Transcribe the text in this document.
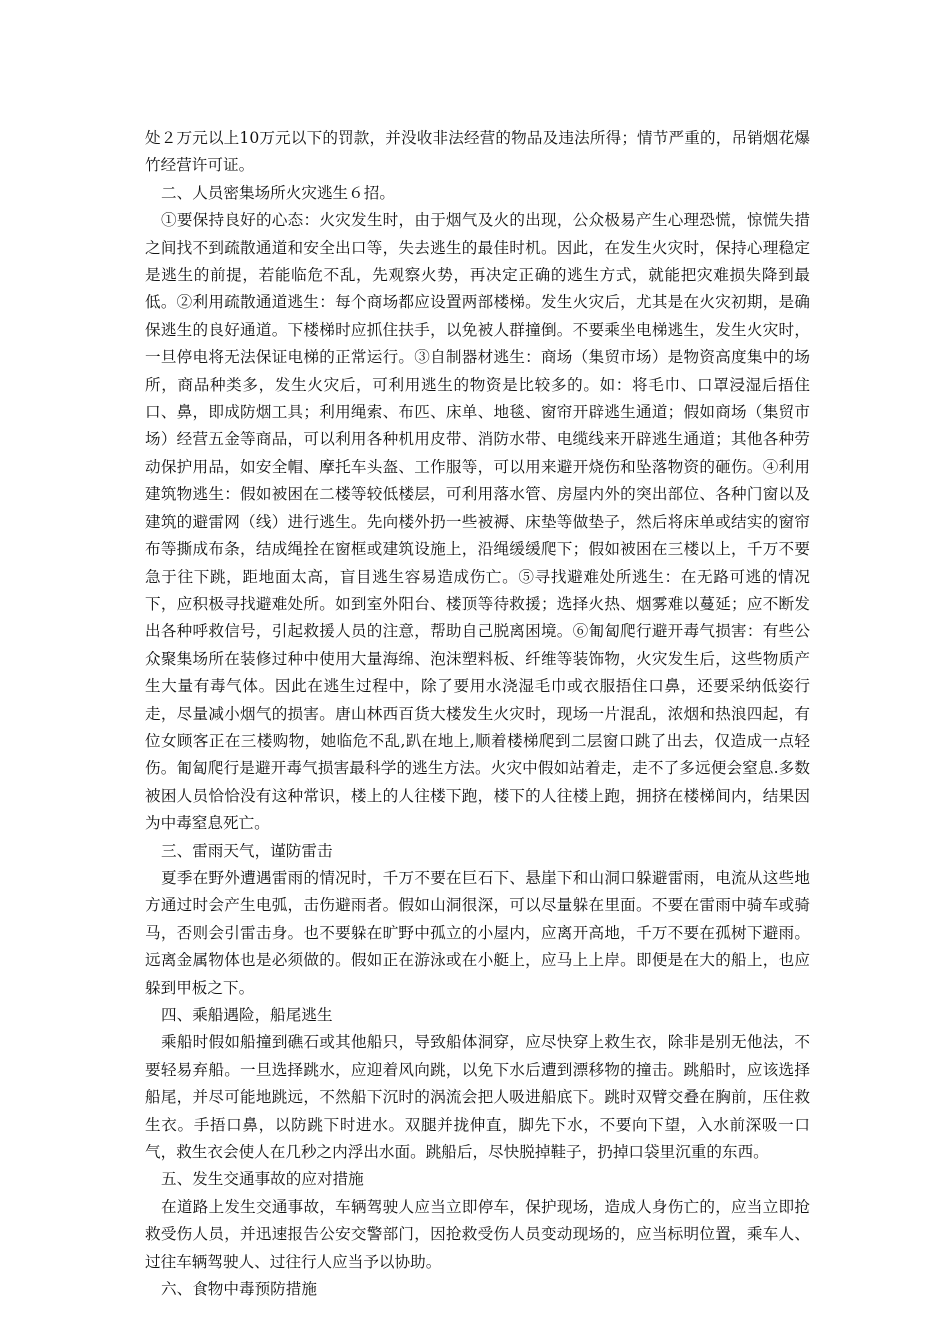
处２万元以上10万元以下的罚款，并没收非法经营的物品及违法所得；情节严重的，吊销烟花爆竹经营许可证。

二、人员密集场所火灾逃生６招。

①要保持良好的心态：火灾发生时，由于烟气及火的出现，公众极易产生心理恐慌，惊慌失措之间找不到疏散通道和安全出口等，失去逃生的最佳时机。因此，在发生火灾时，保持心理稳定是逃生的前提，若能临危不乱，先观察火势，再决定正确的逃生方式，就能把灾难损失降到最低。②利用疏散通道逃生：每个商场都应设置两部楼梯。发生火灾后，尤其是在火灾初期，是确保逃生的良好通道。下楼梯时应抓住扶手，以免被人群撞倒。不要乘坐电梯逃生，发生火灾时，一旦停电将无法保证电梯的正常运行。③自制器材逃生：商场（集贸市场）是物资高度集中的场所，商品种类多，发生火灾后，可利用逃生的物资是比较多的。如：将毛巾、口罩浸湿后捂住口、鼻，即成防烟工具；利用绳索、布匹、床单、地毯、窗帘开辟逃生通道；假如商场（集贸市场）经营五金等商品，可以利用各种机用皮带、消防水带、电缆线来开辟逃生通道；其他各种劳动保护用品，如安全帽、摩托车头盔、工作服等，可以用来避开烧伤和坠落物资的砸伤。④利用建筑物逃生：假如被困在二楼等较低楼层，可利用落水管、房屋内外的突出部位、各种门窗以及建筑的避雷网（线）进行逃生。先向楼外扔一些被褥、床垫等做垫子，然后将床单或结实的窗帘布等撕成布条，结成绳拴在窗框或建筑设施上，沿绳缓缓爬下；假如被困在三楼以上，千万不要急于往下跳，距地面太高，盲目逃生容易造成伤亡。⑤寻找避难处所逃生：在无路可逃的情况下，应积极寻找避难处所。如到室外阳台、楼顶等待救援；选择火热、烟雾难以蔓延；应不断发出各种呼救信号，引起救援人员的注意，帮助自己脱离困境。⑥匍匐爬行避开毒气损害：有些公众聚集场所在装修过种中使用大量海绵、泡沫塑料板、纤维等装饰物，火灾发生后，这些物质产生大量有毒气体。因此在逃生过程中，除了要用水浇湿毛巾或衣服捂住口鼻，还要采纳低姿行走，尽量减小烟气的损害。唐山林西百货大楼发生火灾时，现场一片混乱，浓烟和热浪四起，有位女顾客正在三楼购物，她临危不乱,趴在地上,顺着楼梯爬到二层窗口跳了出去，仅造成一点轻伤。匍匐爬行是避开毒气损害最科学的逃生方法。火灾中假如站着走，走不了多远便会窒息.多数被困人员恰恰没有这种常识，楼上的人往楼下跑，楼下的人往楼上跑，拥挤在楼梯间内，结果因为中毒窒息死亡。

三、雷雨天气，谨防雷击

夏季在野外遭遇雷雨的情况时，千万不要在巨石下、悬崖下和山洞口躲避雷雨，电流从这些地方通过时会产生电弧，击伤避雨者。假如山洞很深，可以尽量躲在里面。不要在雷雨中骑车或骑马，否则会引雷击身。也不要躲在旷野中孤立的小屋内，应离开高地，千万不要在孤树下避雨。远离金属物体也是必须做的。假如正在游泳或在小艇上，应马上上岸。即便是在大的船上，也应躲到甲板之下。

四、乘船遇险，船尾逃生

乘船时假如船撞到礁石或其他船只，导致船体洞穿，应尽快穿上救生衣，除非是别无他法，不要轻易弃船。一旦选择跳水，应迎着风向跳，以免下水后遭到漂移物的撞击。跳船时，应该选择船尾，并尽可能地跳远，不然船下沉时的涡流会把人吸进船底下。跳时双臂交叠在胸前，压住救生衣。手捂口鼻，以防跳下时进水。双腿并拢伸直，脚先下水，不要向下望，入水前深吸一口气，救生衣会使人在几秒之内浮出水面。跳船后，尽快脱掉鞋子，扔掉口袋里沉重的东西。

五、发生交通事故的应对措施

在道路上发生交通事故，车辆驾驶人应当立即停车，保护现场，造成人身伤亡的，应当立即抢救受伤人员，并迅速报告公安交警部门，因抢救受伤人员变动现场的，应当标明位置，乘车人、过往车辆驾驶人、过往行人应当予以协助。

六、食物中毒预防措施
